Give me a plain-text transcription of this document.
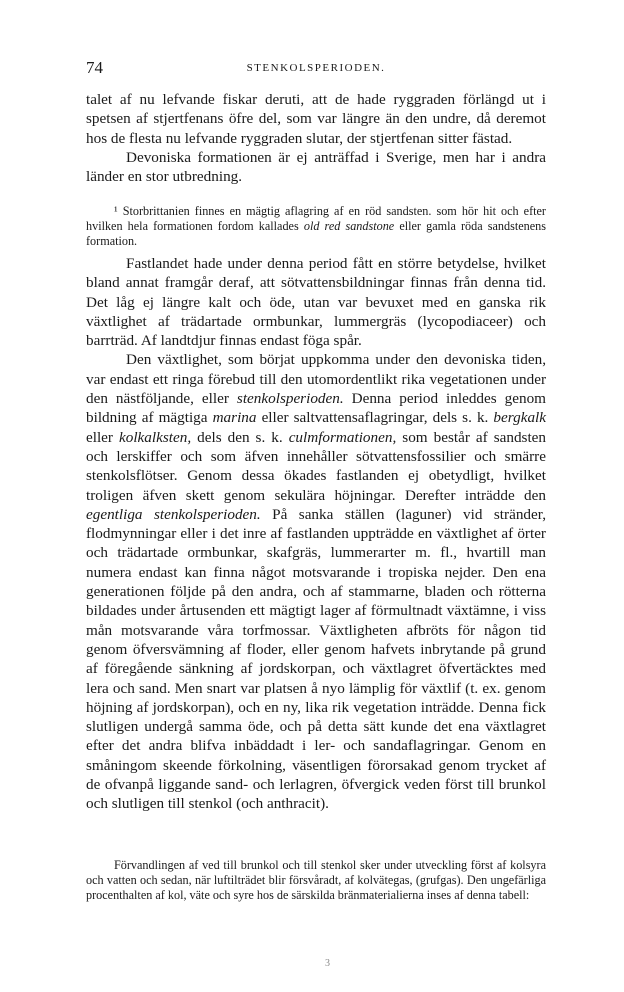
74	STENKOLSPERIODEN.

talet af nu lefvande fiskar deruti, att de hade ryggraden förlängd ut i spetsen af stjertfenans öfre del, som var längre än den undre, då deremot hos de flesta nu lefvande ryggraden slutar, der stjertfenan sitter fästad.

Devoniska formationen är ej anträffad i Sverige, men har i andra länder en stor utbredning.

¹ Storbrittanien finnes en mägtig aflagring af en röd sandsten. som hör hit och efter hvilken hela formationen fordom kallades old red sandstone eller gamla röda sandstenens formation.

Fastlandet hade under denna period fått en större betydelse, hvilket bland annat framgår deraf, att sötvattensbildningar finnas från denna tid. Det låg ej längre kalt och öde, utan var bevuxet med en ganska rik växtlighet af trädartade ormbunkar, lummergräs (lycopodiaceer) och barrträd. Af landtdjur finnas endast föga spår.

Den växtlighet, som börjat uppkomma under den devoniska tiden, var endast ett ringa förebud till den utomordentlikt rika vegetationen under den nästföljande, eller stenkolsperioden. Denna period inleddes genom bildning af mägtiga marina eller saltvattensaflagringar, dels s. k. bergkalk eller kolkalksten, dels den s. k. culmformationen, som består af sandsten och lerskiffer och som äfven innehåller sötvattensfossilier och smärre stenkolsflötser. Genom dessa ökades fastlanden ej obetydligt, hvilket troligen äfven skett genom sekulära höjningar. Derefter inträdde den egentliga stenkolsperioden. På sanka ställen (laguner) vid stränder, flodmynningar eller i det inre af fastlanden uppträdde en växtlighet af örter och trädartade ormbunkar, skafgräs, lummerarter m. fl., hvartill man numera endast kan finna något motsvarande i tropiska nejder. Den ena generationen följde på den andra, och af stammarne, bladen och rötterna bildades under årtusenden ett mägtigt lager af förmultnadt växtämne, i viss mån motsvarande våra torfmossar. Växtligheten afbröts för någon tid genom öfversvämning af floder, eller genom hafvets inbrytande på grund af föregående sänkning af jordskorpan, och växtlagret öfvertäcktes med lera och sand. Men snart var platsen å nyo lämplig för växtlif (t. ex. genom höjning af jordskorpan), och en ny, lika rik vegetation inträdde. Denna fick slutligen undergå samma öde, och på detta sätt kunde det ena växtlagret efter det andra blifva inbäddadt i ler- och sandaflagringar. Genom en småningom skeende förkolning, väsentligen förorsakad genom trycket af de ofvanpå liggande sand- och lerlagren, öfvergick veden först till brunkol och slutligen till stenkol (och anthracit).

Förvandlingen af ved till brunkol och till stenkol sker under utveckling först af kolsyra och vatten och sedan, när luftilträdet blir försvåradt, af kolvätegas, (grufgas). Den ungefärliga procenthalten af kol, väte och syre hos de särskilda bränmaterialierna inses af denna tabell:

3
